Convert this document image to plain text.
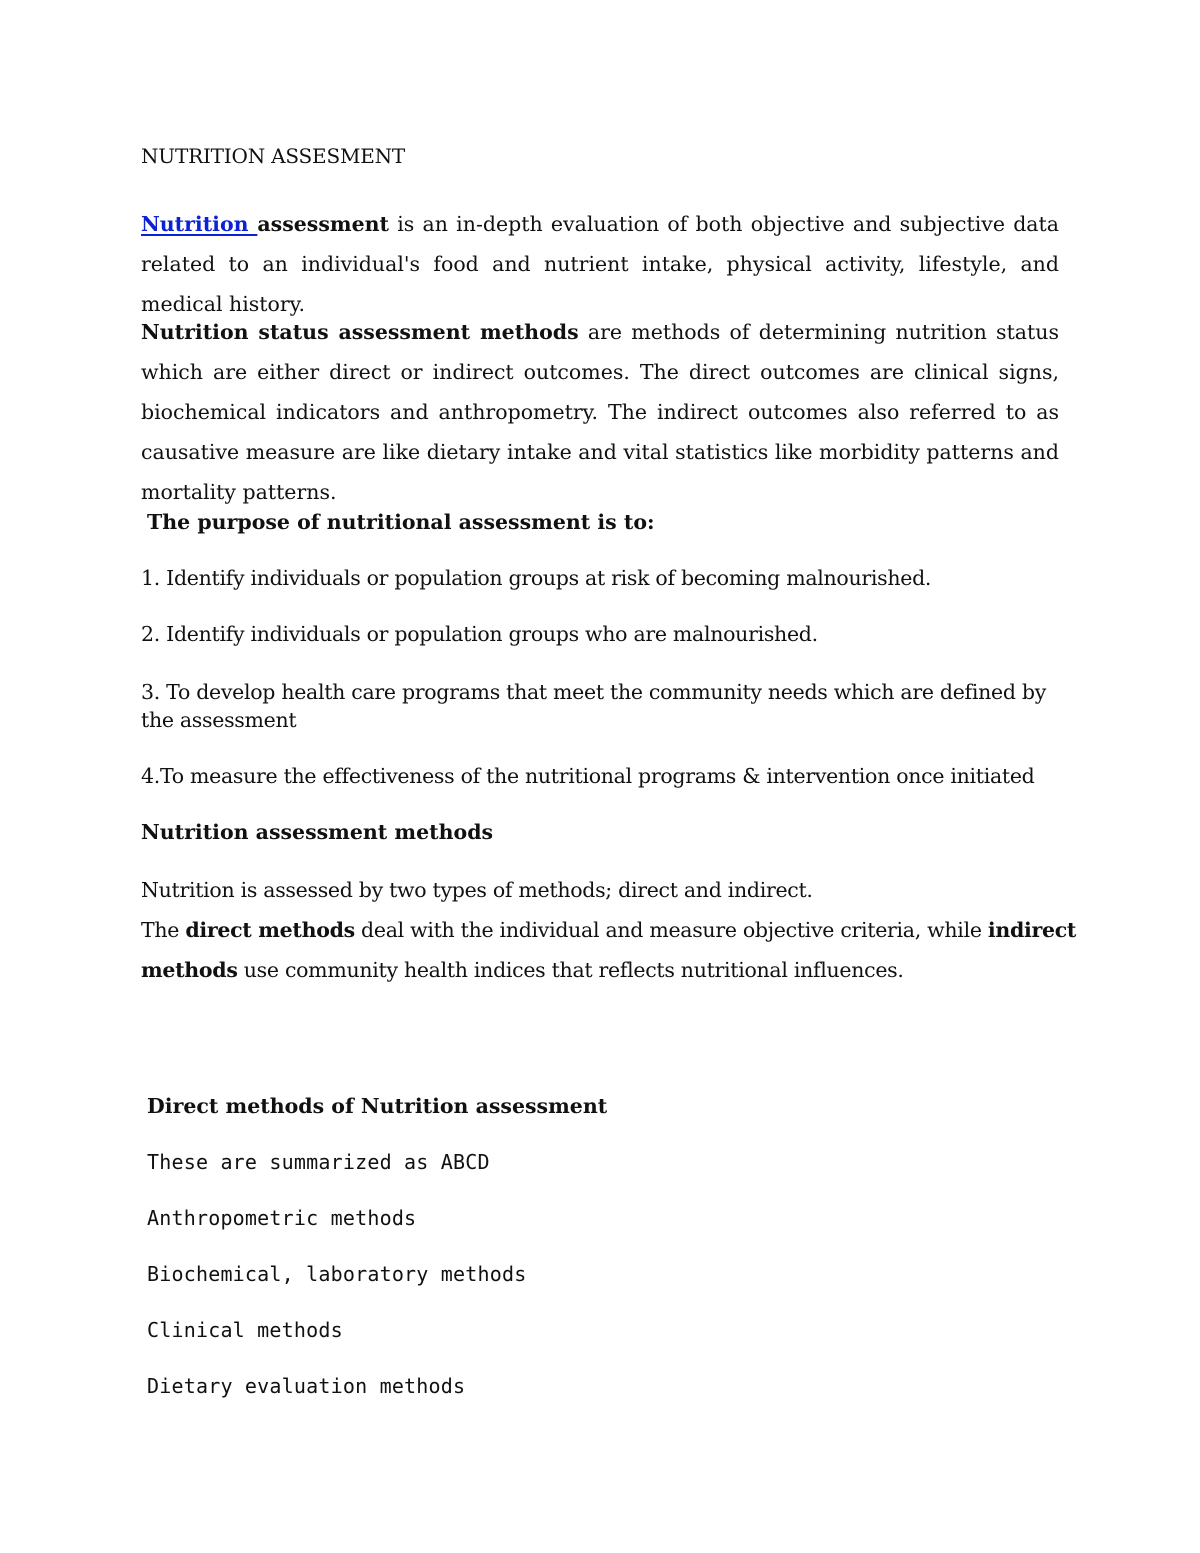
NUTRITION ASSESMENT

Nutrition assessment is an in-depth evaluation of both objective and subjective data related to an individual's food and nutrient intake, physical activity, lifestyle, and medical history.

Nutrition status assessment methods are methods of determining nutrition status which are either direct or indirect outcomes. The direct outcomes are clinical signs, biochemical indicators and anthropometry. The indirect outcomes also referred to as causative measure are like dietary intake and vital statistics like morbidity patterns and mortality patterns.

The purpose of nutritional assessment is to:

1. Identify individuals or population groups at risk of becoming malnourished.

2. Identify individuals or population groups who are malnourished.

3. To develop health care programs that meet the community needs which are defined by

the assessment

4.To measure the effectiveness of the nutritional programs & intervention once initiated

Nutrition assessment methods

Nutrition is assessed by two types of methods; direct and indirect.

The direct methods deal with the individual and measure objective criteria, while indirect

methods use community health indices that reflects nutritional influences.

Direct methods of Nutrition assessment

These are summarized as ABCD

Anthropometric methods

Biochemical, laboratory methods

Clinical methods

Dietary evaluation methods
